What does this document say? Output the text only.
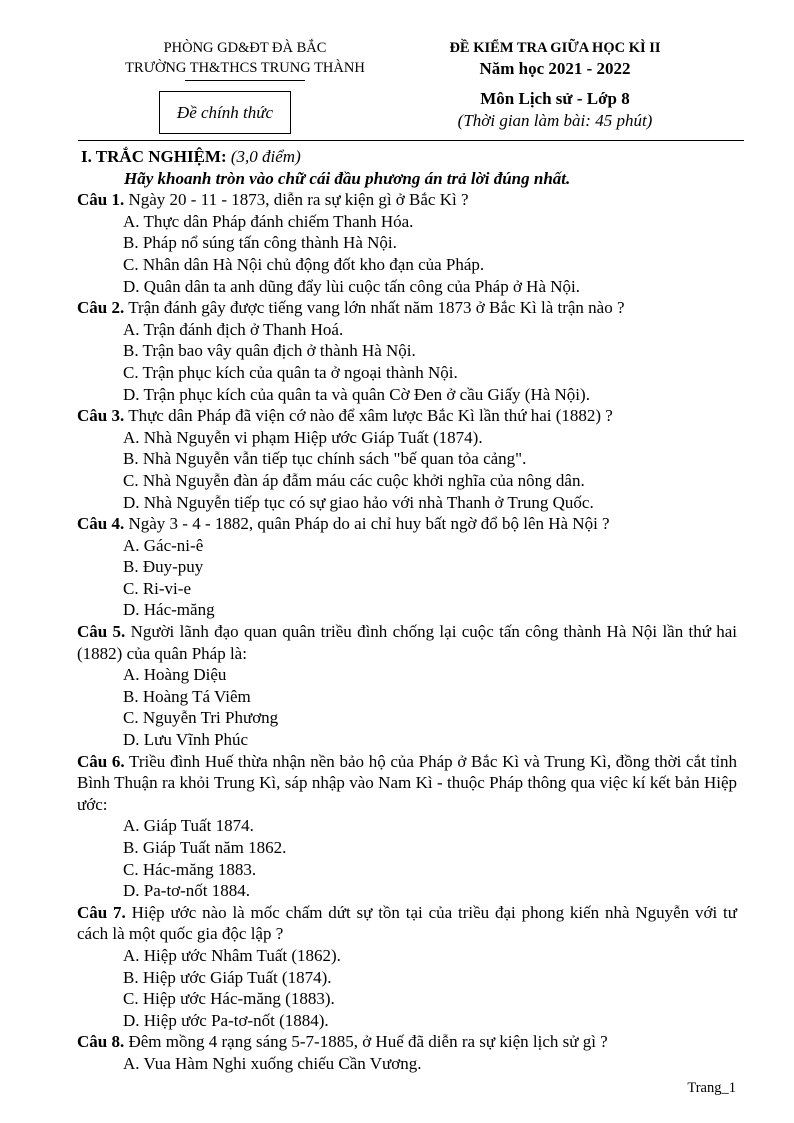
PHÒNG GD&ĐT ĐÀ BẮC
TRƯỜNG TH&THCS TRUNG THÀNH
Đề chính thức
ĐỀ KIỂM TRA GIỮA HỌC KÌ II
Năm học 2021 - 2022
Môn Lịch sử - Lớp 8
(Thời gian làm bài: 45 phút)
I. TRẮC NGHIỆM: (3,0 điểm)
Hãy khoanh tròn vào chữ cái đầu phương án trả lời đúng nhất.
Câu 1. Ngày 20 - 11 - 1873, diễn ra sự kiện gì ở Bắc Kì ?
A. Thực dân Pháp đánh chiếm Thanh Hóa.
B. Pháp nổ súng tấn công thành Hà Nội.
C. Nhân dân Hà Nội chủ động đốt kho đạn của Pháp.
D. Quân dân ta anh dũng đẩy lùi cuộc tấn công của Pháp ở Hà Nội.
Câu 2. Trận đánh gây được tiếng vang lớn nhất năm 1873 ở Bắc Kì là trận nào ?
A. Trận đánh địch ở Thanh Hoá.
B. Trận bao vây quân địch ở thành Hà Nội.
C. Trận phục kích của quân ta ở ngoại thành Nội.
D. Trận phục kích của quân ta và quân Cờ Đen ở cầu Giấy (Hà Nội).
Câu 3. Thực dân Pháp đã viện cớ nào để xâm lược Bắc Kì lần thứ hai (1882) ?
A. Nhà Nguyễn vi phạm Hiệp ước Giáp Tuất (1874).
B. Nhà Nguyễn vẫn tiếp tục chính sách "bế quan tỏa cảng".
C. Nhà Nguyễn đàn áp đẫm máu các cuộc khởi nghĩa của nông dân.
D. Nhà Nguyễn tiếp tục có sự giao hảo với nhà Thanh ở Trung Quốc.
Câu 4. Ngày 3 - 4 - 1882, quân Pháp do ai chỉ huy bất ngờ đổ bộ lên Hà Nội ?
A. Gác-ni-ê
B. Đuy-puy
C. Ri-vi-e
D. Hác-măng
Câu 5. Người lãnh đạo quan quân triều đình chống lại cuộc tấn công thành Hà Nội lần thứ hai (1882) của quân Pháp là:
A. Hoàng Diệu
B. Hoàng Tá Viêm
C. Nguyễn Tri Phương
D. Lưu Vĩnh Phúc
Câu 6. Triều đình Huế thừa nhận nền bảo hộ của Pháp ở Bắc Kì và Trung Kì, đồng thời cắt tỉnh Bình Thuận ra khỏi Trung Kì, sáp nhập vào Nam Kì - thuộc Pháp thông qua việc kí kết bản Hiệp ước:
A. Giáp Tuất 1874.
B. Giáp Tuất năm 1862.
C. Hác-măng 1883.
D. Pa-tơ-nốt 1884.
Câu 7. Hiệp ước nào là mốc chấm dứt sự tồn tại của triều đại phong kiến nhà Nguyễn với tư cách là một quốc gia độc lập ?
A. Hiệp ước Nhâm Tuất (1862).
B. Hiệp ước Giáp Tuất (1874).
C. Hiệp ước Hác-măng (1883).
D. Hiệp ước Pa-tơ-nốt (1884).
Câu 8. Đêm mồng 4 rạng sáng 5-7-1885, ở Huế đã diễn ra sự kiện lịch sử gì ?
A. Vua Hàm Nghi xuống chiếu Cần Vương.
Trang_1
